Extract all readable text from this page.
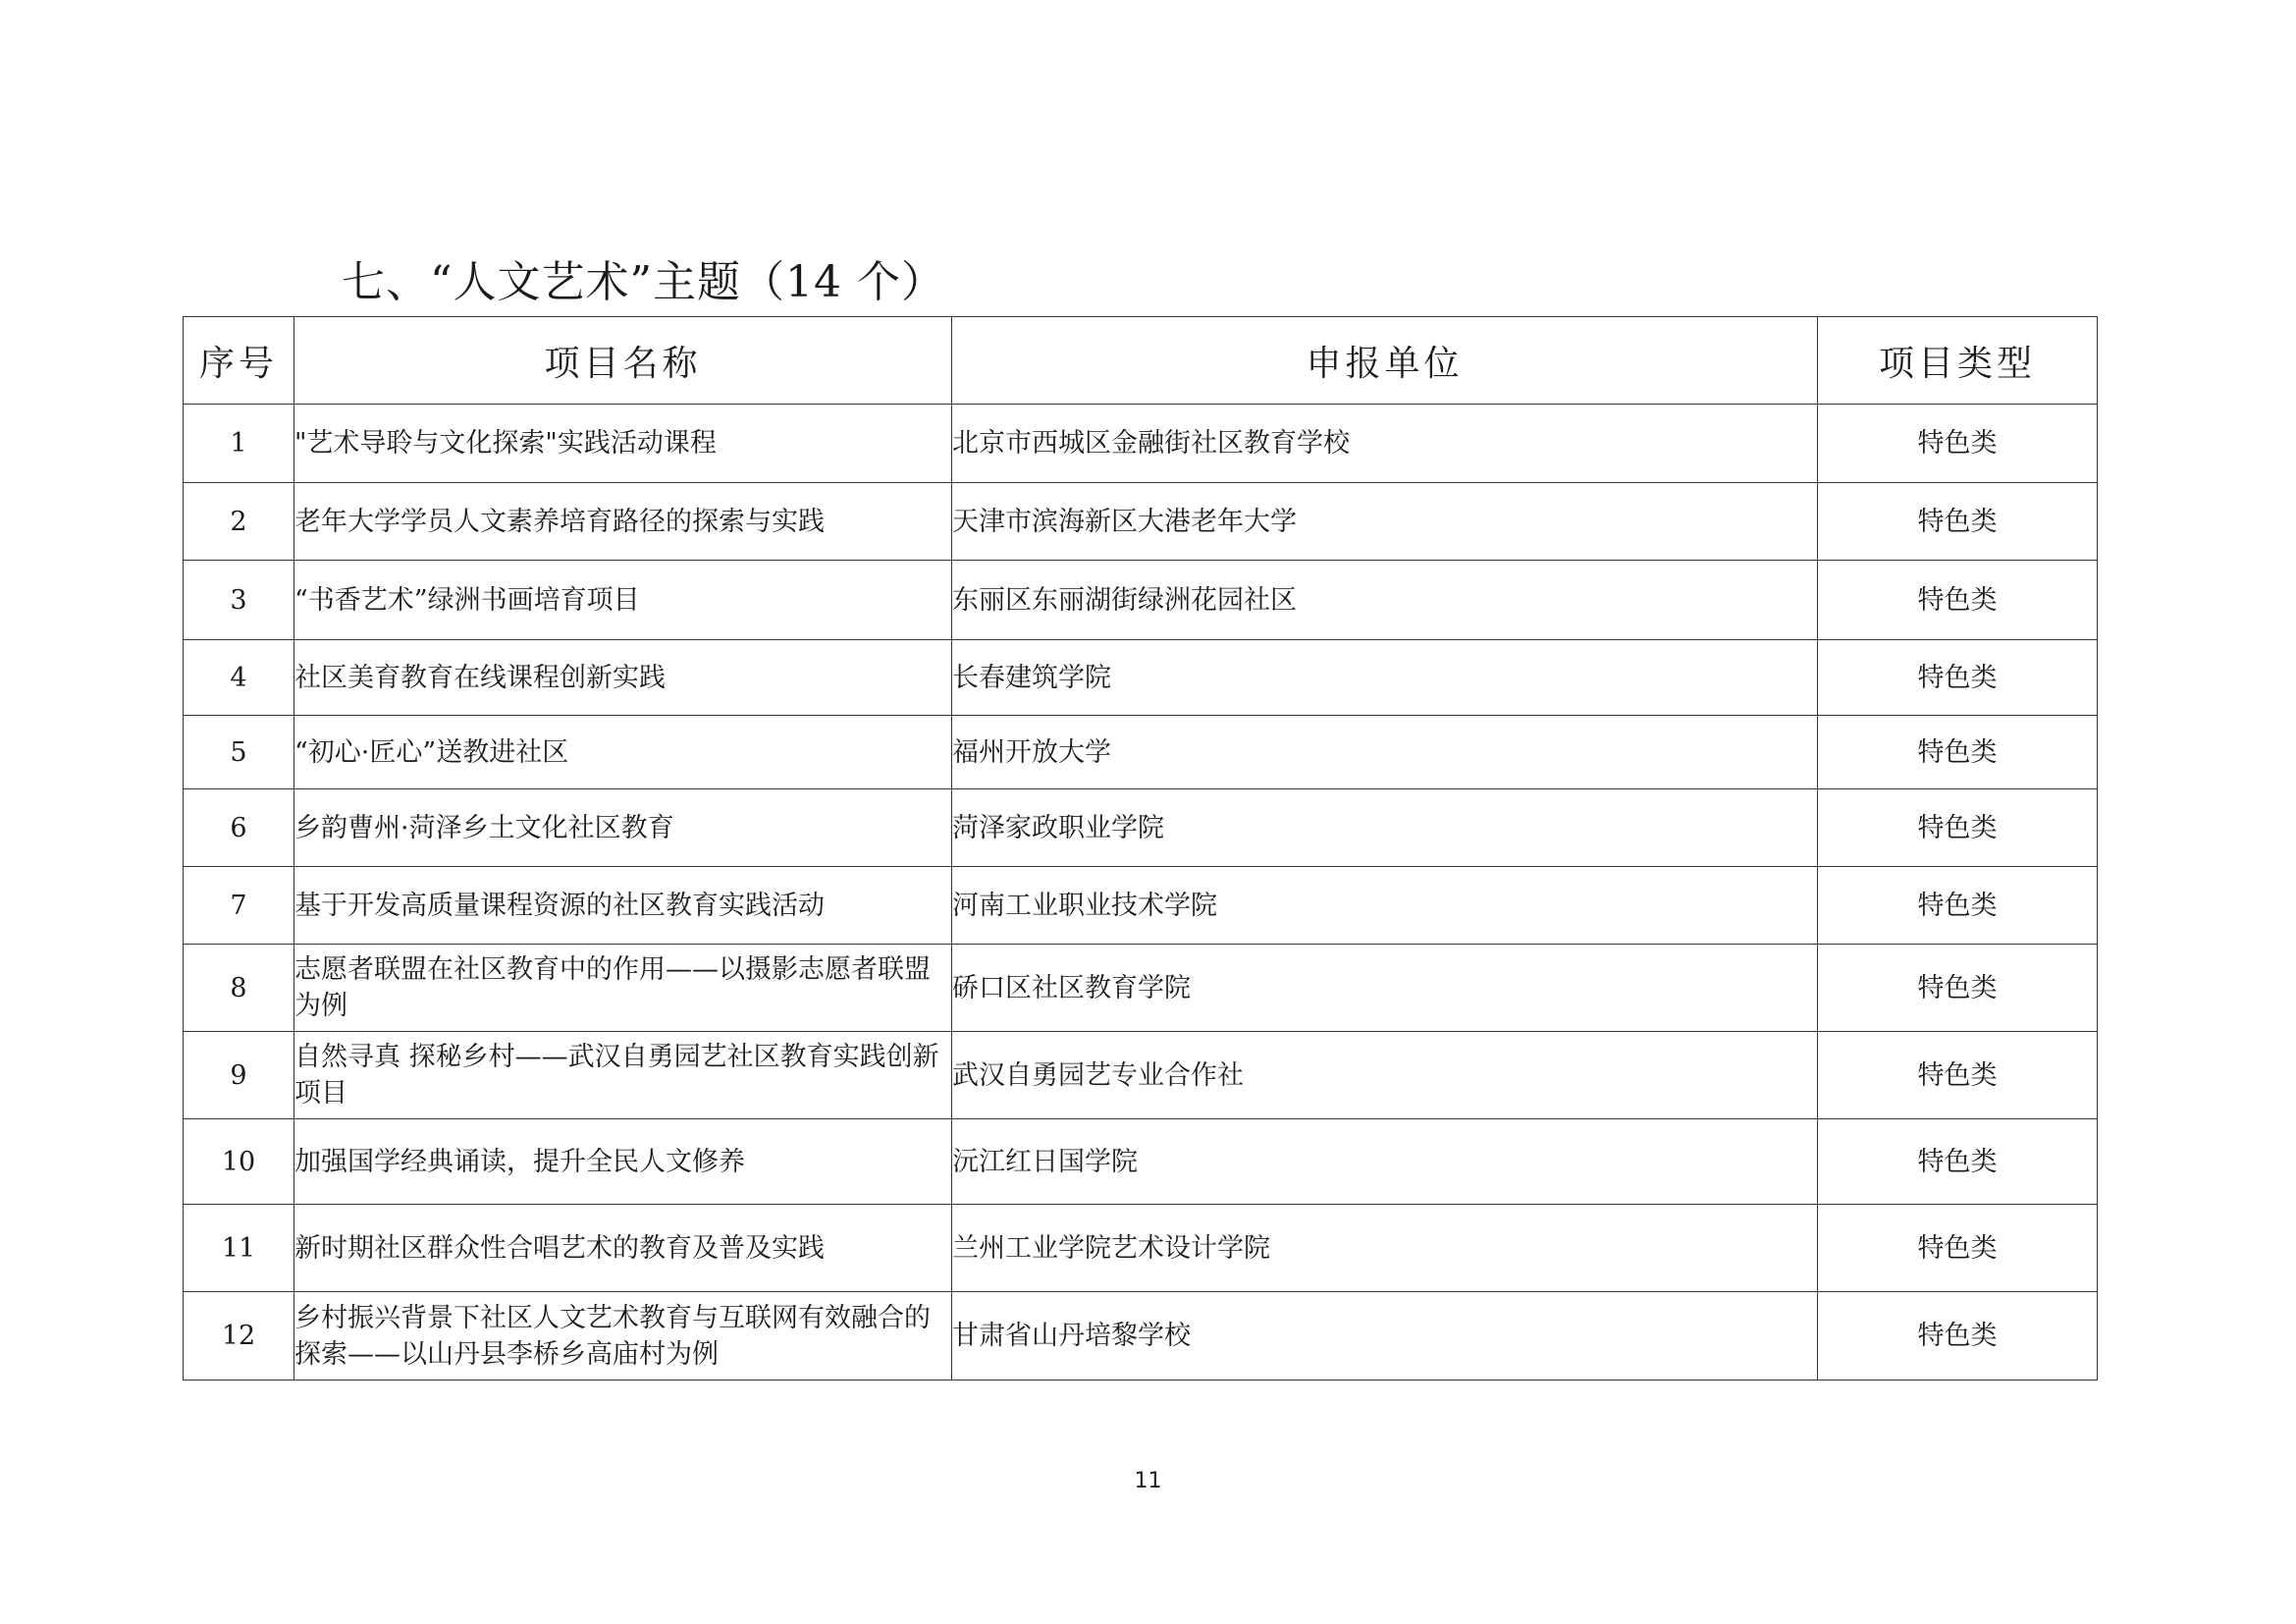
七、“人文艺术”主题（14 个）
序号	项目名称	申报单位	项目类型
1	"艺术导聆与文化探索"实践活动课程	北京市西城区金融街社区教育学校	特色类
2	老年大学学员人文素养培育路径的探索与实践	天津市滨海新区大港老年大学	特色类
3	“书香艺术”绿洲书画培育项目	东丽区东丽湖街绿洲花园社区	特色类
4	社区美育教育在线课程创新实践	长春建筑学院	特色类
5	“初心·匠心”送教进社区	福州开放大学	特色类
6	乡韵曹州·菏泽乡土文化社区教育	菏泽家政职业学院	特色类
7	基于开发高质量课程资源的社区教育实践活动	河南工业职业技术学院	特色类
8	志愿者联盟在社区教育中的作用——以摄影志愿者联盟为例	硚口区社区教育学院	特色类
9	自然寻真 探秘乡村——武汉自勇园艺社区教育实践创新项目	武汉自勇园艺专业合作社	特色类
10	加强国学经典诵读，提升全民人文修养	沅江红日国学院	特色类
11	新时期社区群众性合唱艺术的教育及普及实践	兰州工业学院艺术设计学院	特色类
12	乡村振兴背景下社区人文艺术教育与互联网有效融合的探索——以山丹县李桥乡高庙村为例	甘肃省山丹培黎学校	特色类
11
